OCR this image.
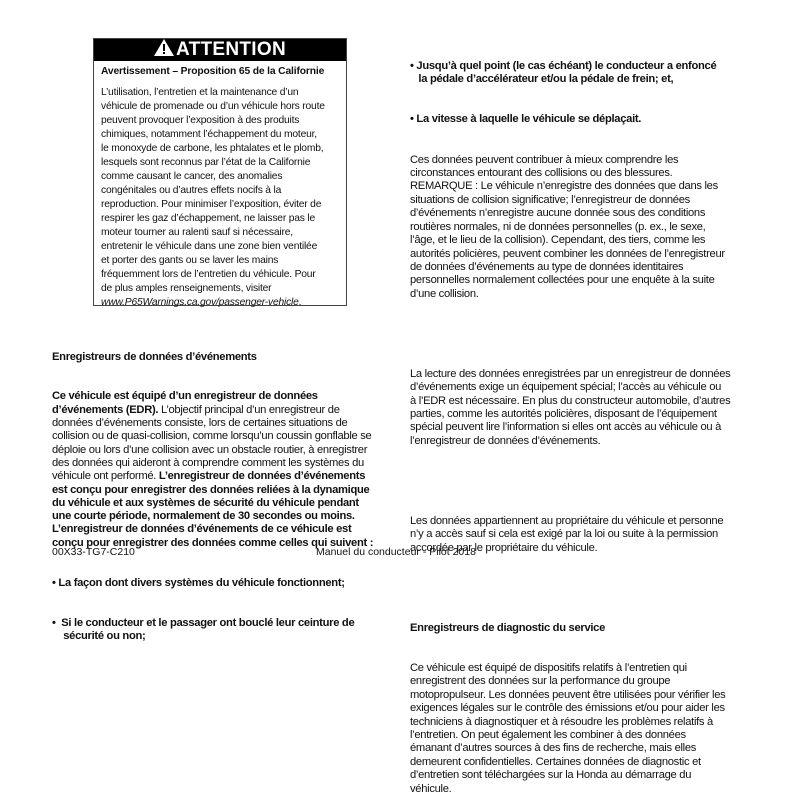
ATTENTION
Avertissement – Proposition 65 de la Californie
L’utilisation, l’entretien et la maintenance d’un
véhicule de promenade ou d’un véhicule hors route
peuvent provoquer l’exposition à des produits
chimiques, notamment l’échappement du moteur,
le monoxyde de carbone, les phtalates et le plomb,
lesquels sont reconnus par l’état de la Californie
comme causant le cancer, des anomalies
congénitales ou d’autres effets nocifs à la
reproduction. Pour minimiser l’exposition, éviter de
respirer les gaz d’échappement, ne laisser pas le
moteur tourner au ralenti sauf si nécessaire,
entretenir le véhicule dans une zone bien ventilée
et porter des gants ou se laver les mains
fréquemment lors de l’entretien du véhicule. Pour
de plus amples renseignements, visiter
www.P65Warnings.ca.gov/passenger-vehicle.

Enregistreurs de données d’événements

Ce véhicule est équipé d’un enregistreur de données
d’événements (EDR). L’objectif principal d’un enregistreur de
données d’événements consiste, lors de certaines situations de
collision ou de quasi-collision, comme lorsqu’un coussin gonflable se
déploie ou lors d’une collision avec un obstacle routier, à enregistrer
des données qui aideront à comprendre comment les systèmes du
véhicule ont performé. L’enregistreur de données d’événements
est conçu pour enregistrer des données reliées à la dynamique
du véhicule et aux systèmes de sécurité du véhicule pendant
une courte période, normalement de 30 secondes ou moins.
L’enregistreur de données d’événements de ce véhicule est
conçu pour enregistrer des données comme celles qui suivent :

• La façon dont divers systèmes du véhicule fonctionnent;

•  Si le conducteur et le passager ont bouclé leur ceinture de
sécurité ou non;

• Jusqu’à quel point (le cas échéant) le conducteur a enfoncé
la pédale d’accélérateur et/ou la pédale de frein; et,

• La vitesse à laquelle le véhicule se déplaçait.

Ces données peuvent contribuer à mieux comprendre les
circonstances entourant des collisions ou des blessures.
REMARQUE : Le véhicule n’enregistre des données que dans les
situations de collision significative; l’enregistreur de données
d’événements n’enregistre aucune donnée sous des conditions
routières normales, ni de données personnelles (p. ex., le sexe,
l’âge, et le lieu de la collision). Cependant, des tiers, comme les
autorités policières, peuvent combiner les données de l’enregistreur
de données d’événements au type de données identitaires
personnelles normalement collectées pour une enquête à la suite
d’une collision.

La lecture des données enregistrées par un enregistreur de données
d’événements exige un équipement spécial; l’accès au véhicule ou
à l’EDR est nécessaire. En plus du constructeur automobile, d’autres
parties, comme les autorités policières, disposant de l’équipement
spécial peuvent lire l’information si elles ont accès au véhicule ou à
l’enregistreur de données d’événements.

Les données appartiennent au propriétaire du véhicule et personne
n’y a accès sauf si cela est exigé par la loi ou suite à la permission
accordée par le propriétaire du véhicule.

Enregistreurs de diagnostic du service

Ce véhicule est équipé de dispositifs relatifs à l’entretien qui
enregistrent des données sur la performance du groupe
motopropulseur. Les données peuvent être utilisées pour vérifier les
exigences légales sur le contrôle des émissions et/ou pour aider les
techniciens à diagnostiquer et à résoudre les problèmes relatifs à
l’entretien. On peut également les combiner à des données
émanant d’autres sources à des fins de recherche, mais elles
demeurent confidentielles. Certaines données de diagnostic et
d’entretien sont téléchargées sur la Honda au démarrage du
véhicule.

00X33-TG7-C210	Manuel du conducteur - Pilot 2018
